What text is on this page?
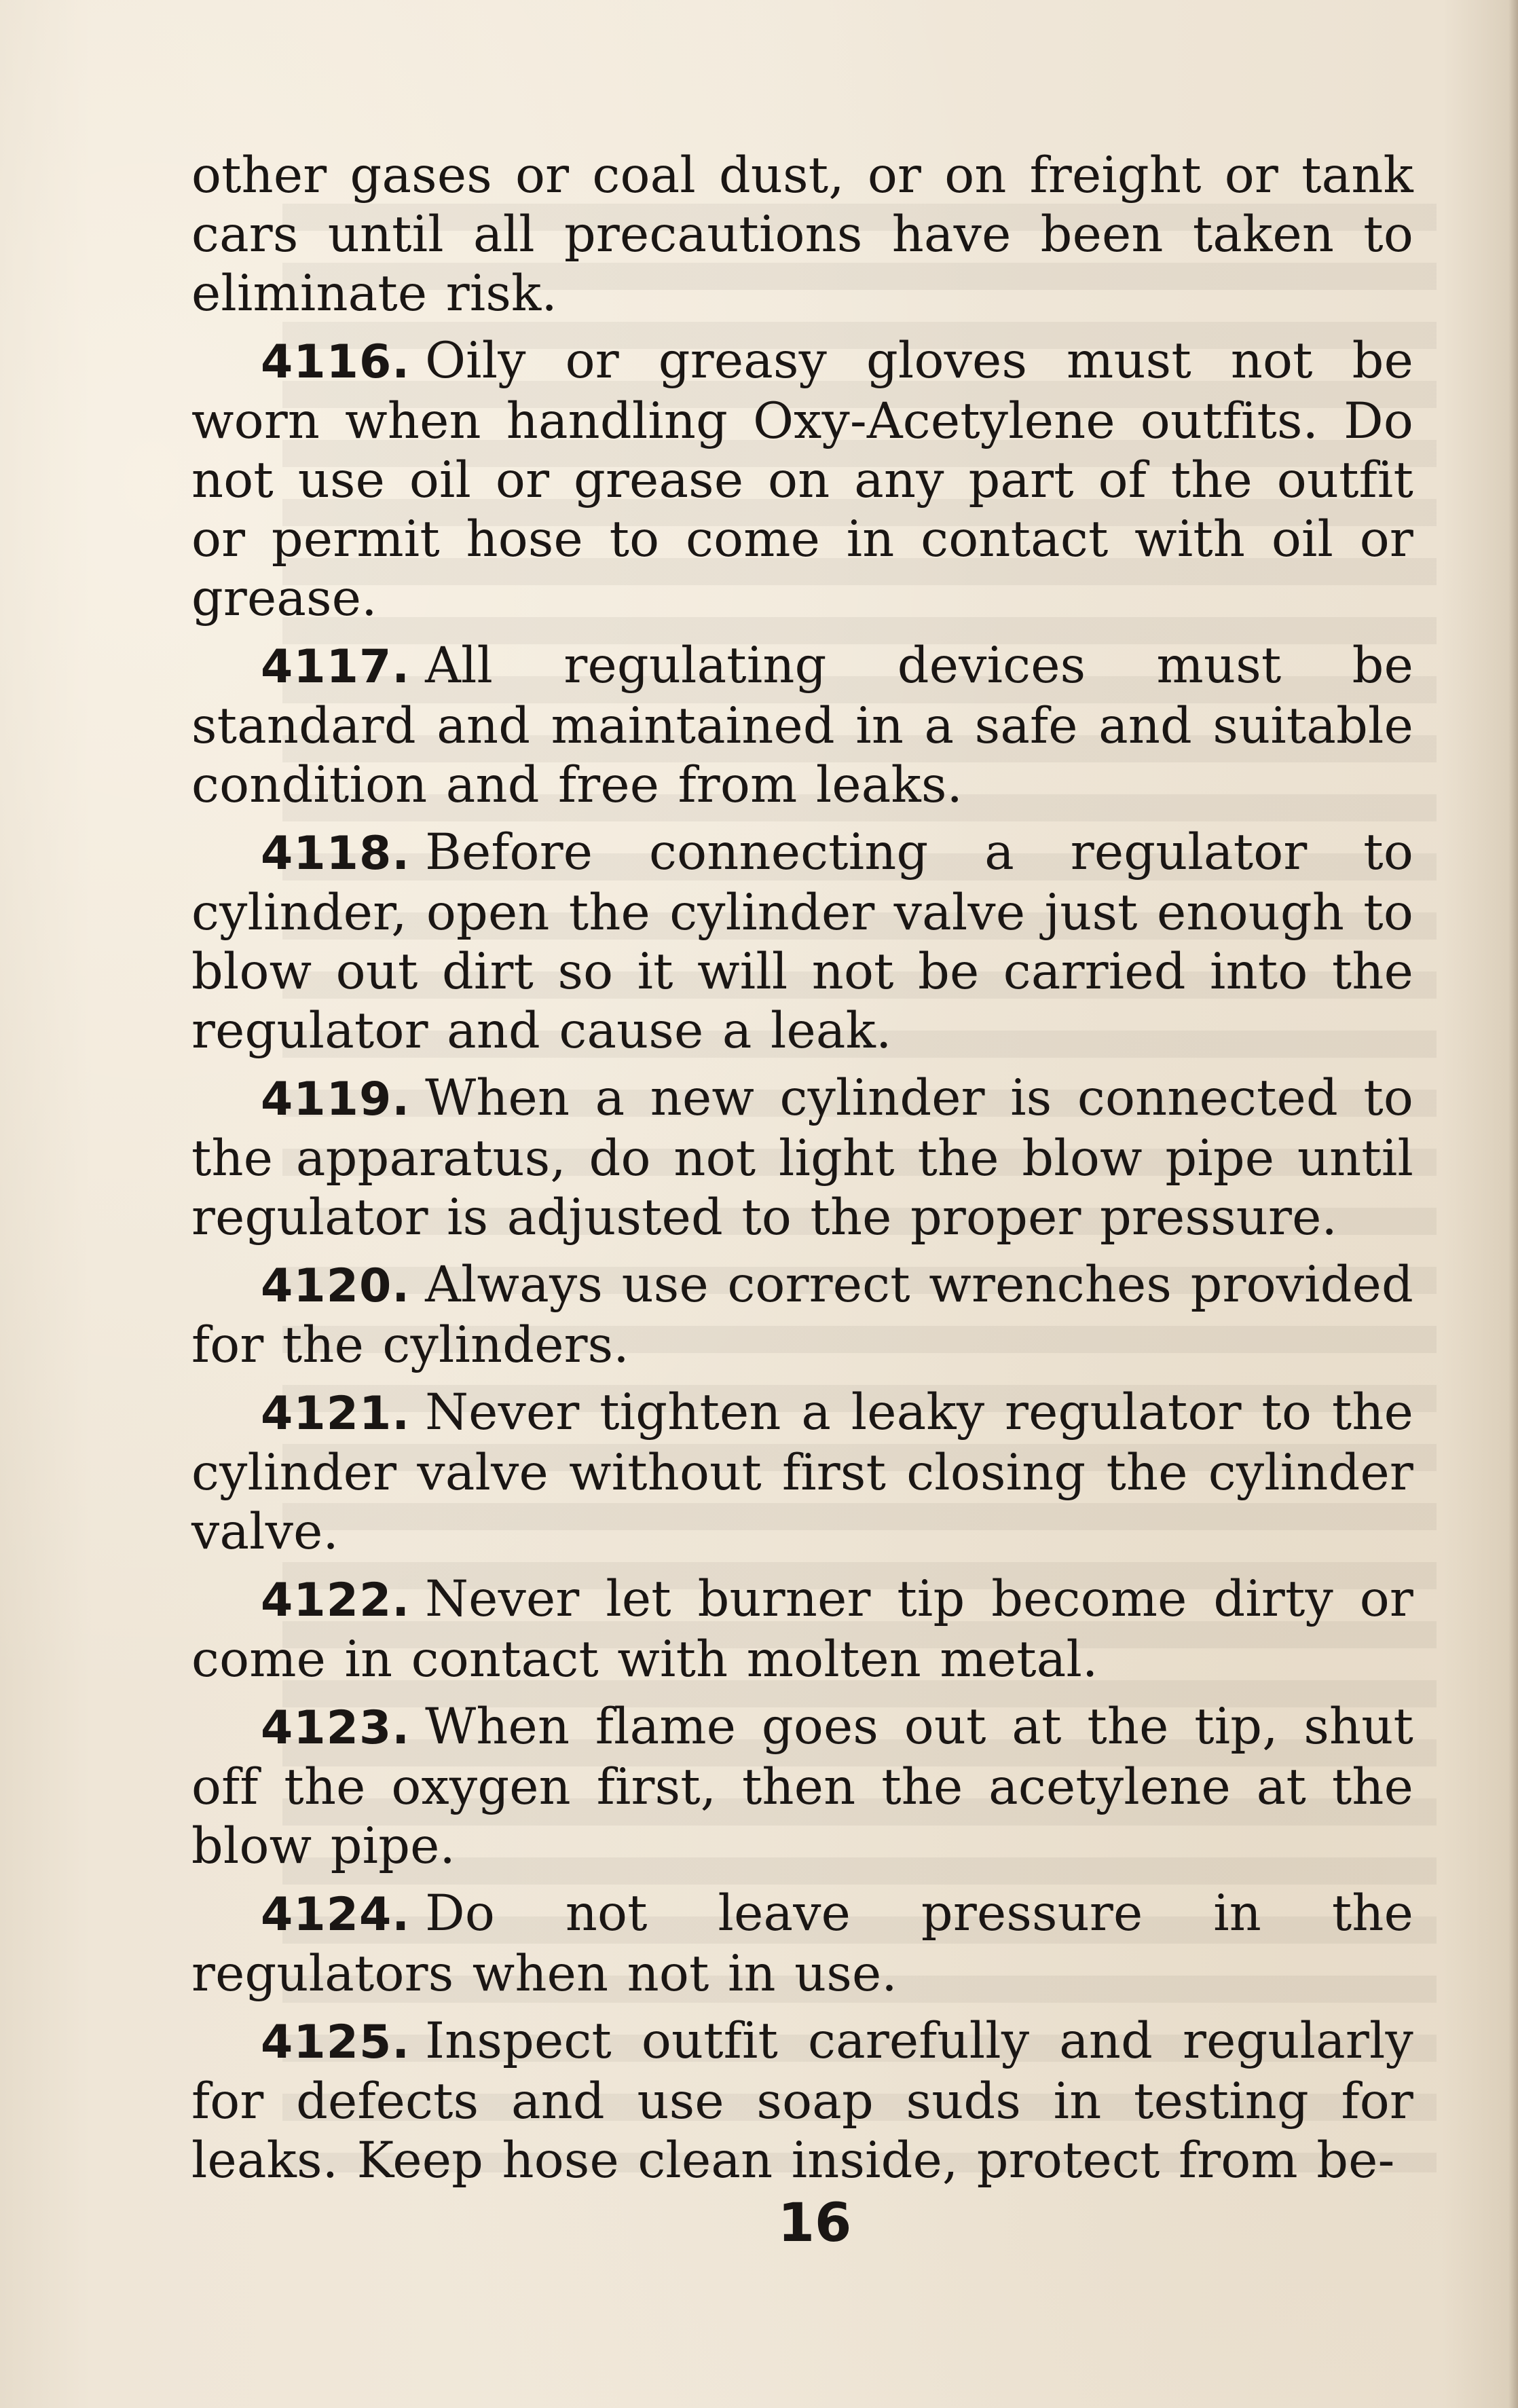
other gases or coal dust, or on freight or tank cars until all precautions have been taken to eliminate risk.

4116. Oily or greasy gloves must not be worn when handling Oxy-Acetylene outfits. Do not use oil or grease on any part of the outfit or permit hose to come in contact with oil or grease.

4117. All regulating devices must be standard and maintained in a safe and suitable condition and free from leaks.

4118. Before connecting a regulator to cylinder, open the cylinder valve just enough to blow out dirt so it will not be carried into the regulator and cause a leak.

4119. When a new cylinder is connected to the apparatus, do not light the blow pipe until regulator is adjusted to the proper pressure.

4120. Always use correct wrenches provided for the cylinders.

4121. Never tighten a leaky regulator to the cylinder valve without first closing the cylinder valve.

4122. Never let burner tip become dirty or come in contact with molten metal.

4123. When flame goes out at the tip, shut off the oxygen first, then the acetylene at the blow pipe.

4124. Do not leave pressure in the regulators when not in use.

4125. Inspect outfit carefully and regularly for defects and use soap suds in testing for leaks. Keep hose clean inside, protect from be-

16
